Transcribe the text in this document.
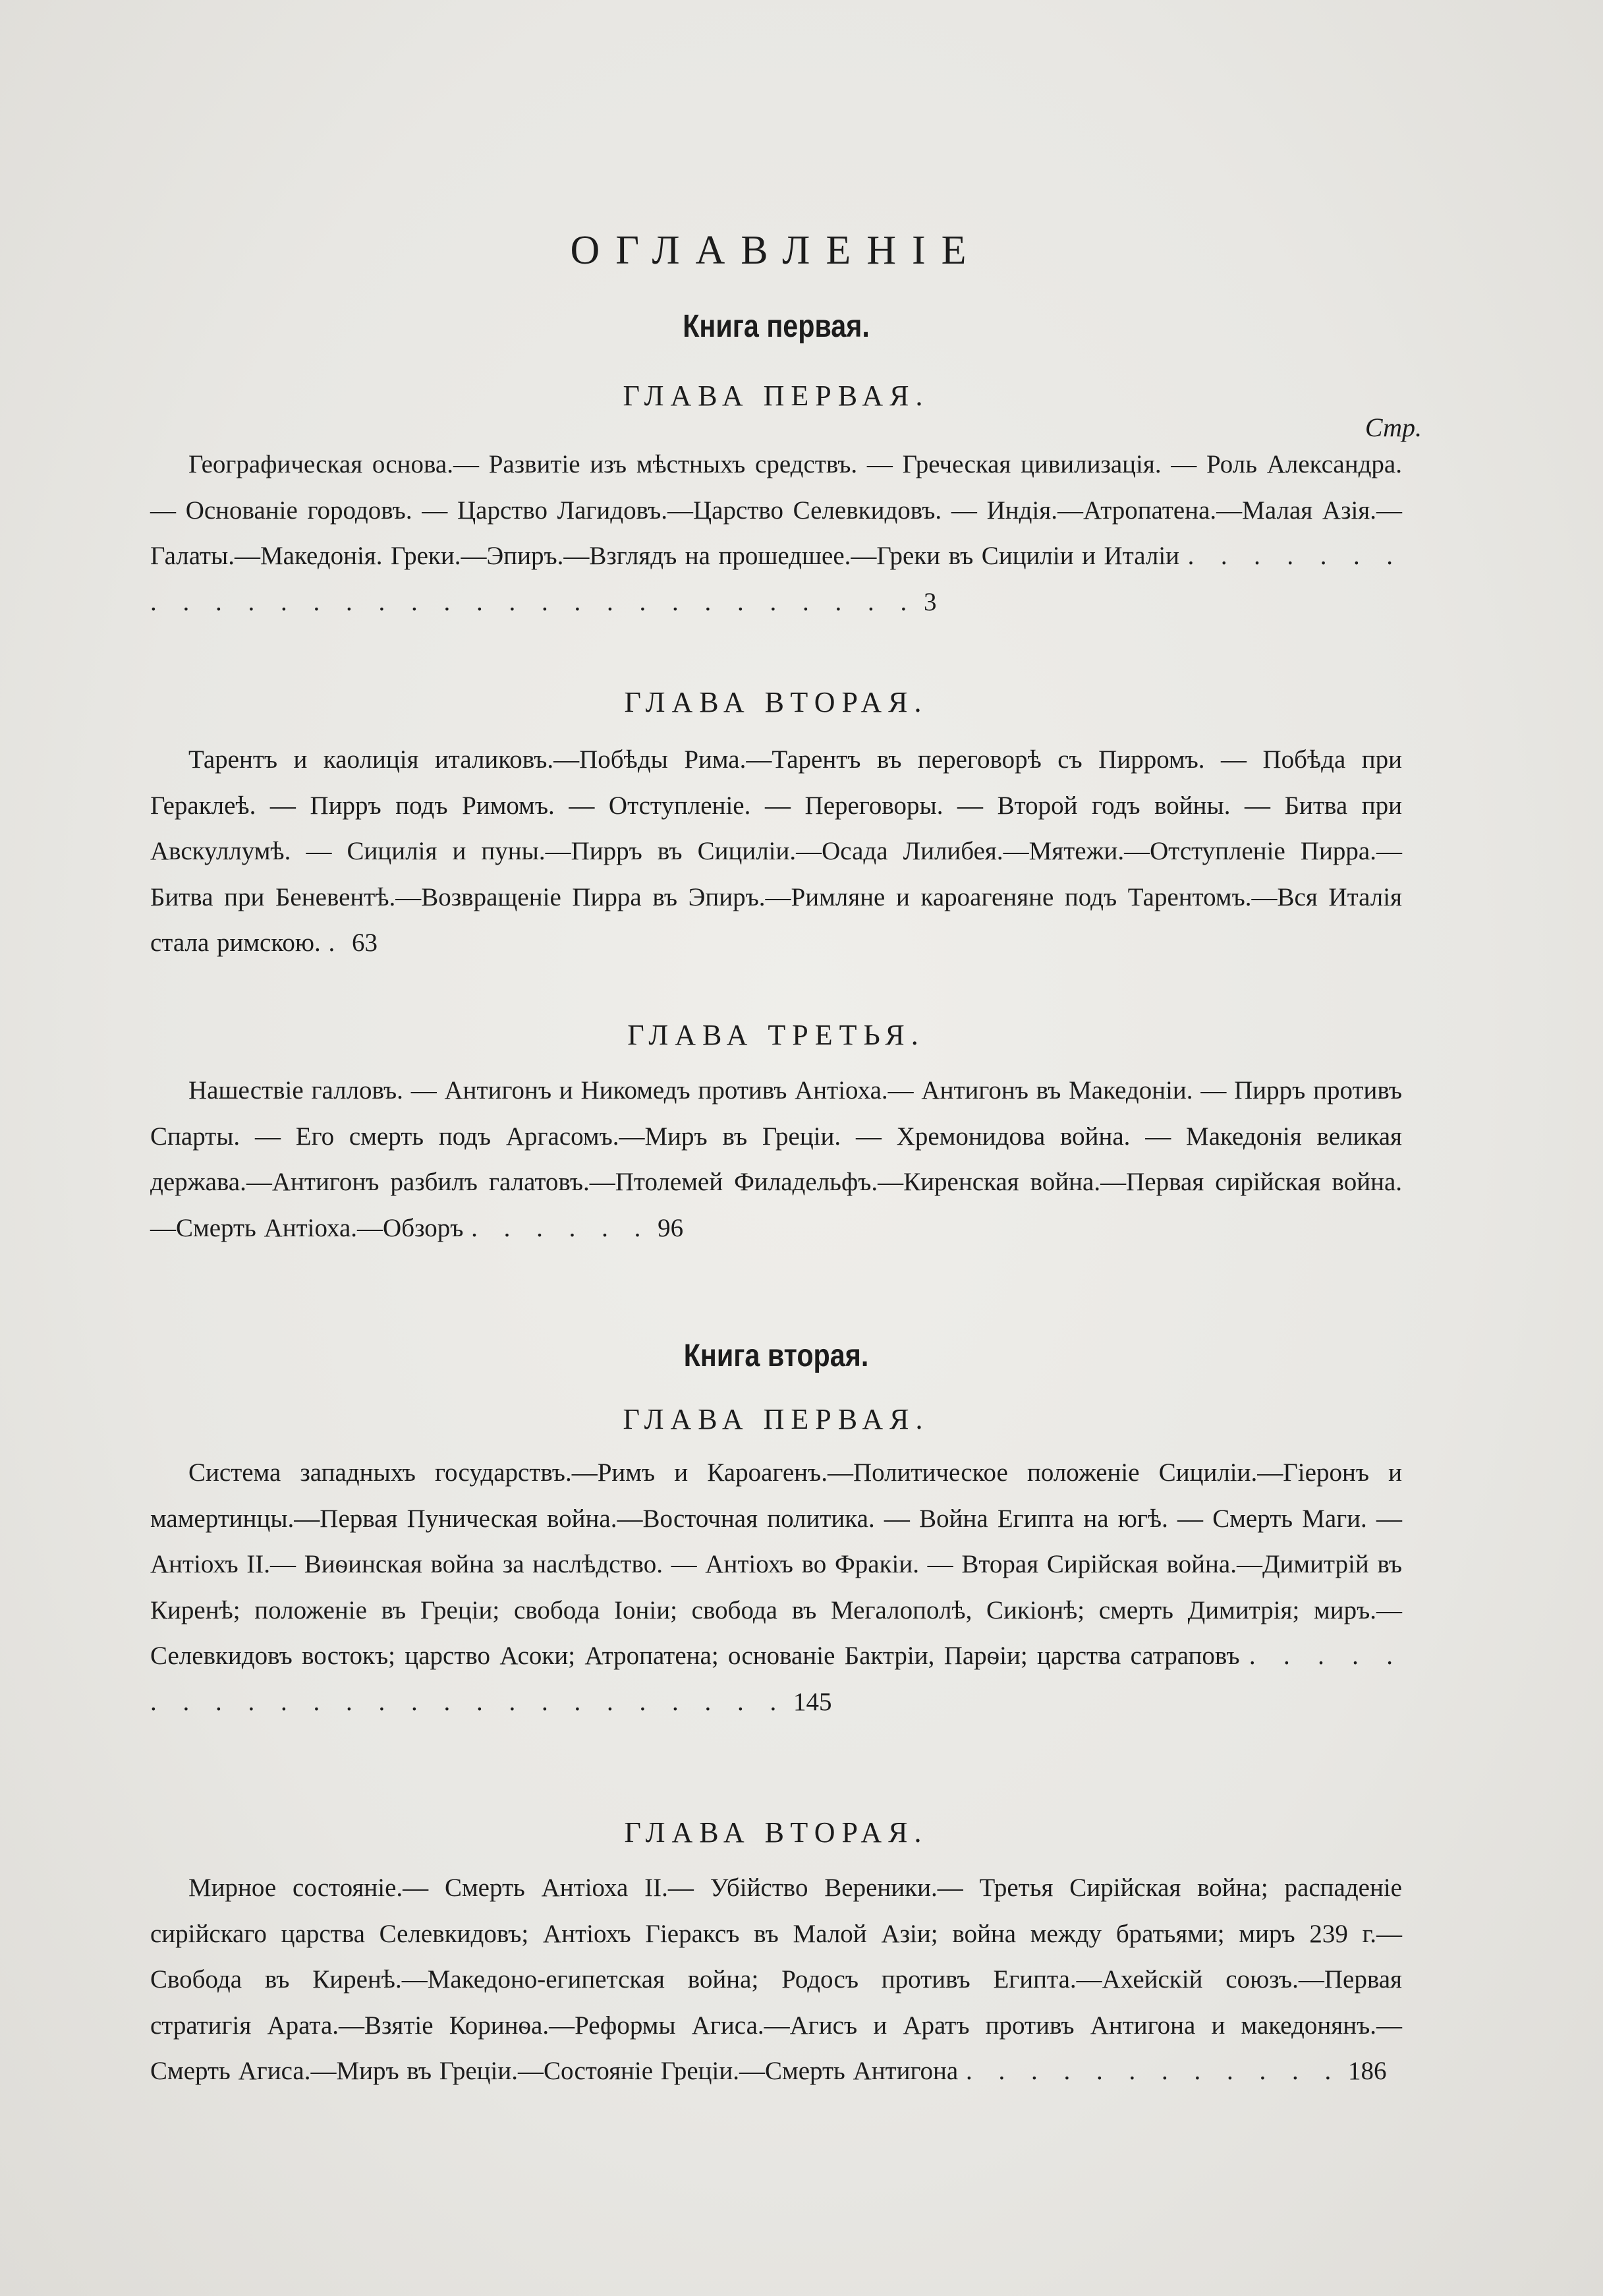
ОГЛАВЛЕНІЕ
Книга первая.
ГЛАВА ПЕРВАЯ.
Стр.
Географическая основа.— Развитіе изъ мѣстныхъ средствъ. — Греческая цивилизація. — Роль Александра. — Основаніе городовъ. — Царство Лагидовъ.—Царство Селевкидовъ. — Индія.—Атропатена.—Малая Азія.—Галаты.—Македонія. Греки.—Эпиръ.—Взглядъ на прошедшее.—Греки въ Сициліи и Италіи . . . . . . . . . . . . . . . . . . . . . . . . . . . . . . . 3
ГЛАВА ВТОРАЯ.
Тарентъ и каолиція италиковъ.—Побѣды Рима.—Тарентъ въ переговорѣ съ Пирромъ. — Побѣда при Гераклеѣ. — Пирръ подъ Римомъ. — Отступленіе. — Переговоры. — Второй годъ войны. — Битва при Авскуллумѣ. — Сицилія и пуны.—Пирръ въ Сициліи.—Осада Лилибея.—Мятежи.—Отступленіе Пирра.—Битва при Беневентѣ.—Возвращеніе Пирра въ Эпиръ.—Римляне и кароагеняне подъ Тарентомъ.—Вся Италія стала римскою. . 63
ГЛАВА ТРЕТЬЯ.
Нашествіе галловъ. — Антигонъ и Никомедъ противъ Антіоха.— Антигонъ въ Македоніи. — Пирръ противъ Спарты. — Его смерть подъ Аргасомъ.—Миръ въ Греціи. — Хремонидова война. — Македонія великая держава.—Антигонъ разбилъ галатовъ.—Птолемей Филадельфъ.—Киренская война.—Первая сирійская война.—Смерть Антіоха.—Обзоръ . . . . . . 96
Книга вторая.
ГЛАВА ПЕРВАЯ.
Система западныхъ государствъ.—Римъ и Кароагенъ.—Политическое положеніе Сициліи.—Гіеронъ и мамертинцы.—Первая Пуническая война.—Восточная политика. — Война Египта на югѣ. — Смерть Маги. — Антіохъ II.— Виѳинская война за наслѣдство. — Антіохъ во Фракіи. — Вторая Сирійская война.—Димитрій въ Киренѣ; положеніе въ Греціи; свобода Іоніи; свобода въ Мегалополѣ, Сикіонѣ; смерть Димитрія; миръ.—Селевкидовъ востокъ; царство Асоки; Атропатена; основаніе Бактріи, Парѳіи; царства сатраповъ . . . . . . . . . . . . . . . . . . . . . . . . . 145
ГЛАВА ВТОРАЯ.
Мирное состояніе.— Смерть Антіоха II.— Убійство Вереники.— Третья Сирійская война; распаденіе сирійскаго царства Селевкидовъ; Антіохъ Гіераксъ въ Малой Азіи; война между братьями; миръ 239 г.—Свобода въ Киренѣ.—Македоно-египетская война; Родосъ противъ Египта.—Ахейскій союзъ.—Первая стратигія Арата.—Взятіе Коринѳа.—Реформы Агиса.—Агисъ и Аратъ противъ Антигона и македонянъ.—Смерть Агиса.—Миръ въ Греціи.—Состояніе Греціи.—Смерть Антигона . . . . . . . . . . . . 186
